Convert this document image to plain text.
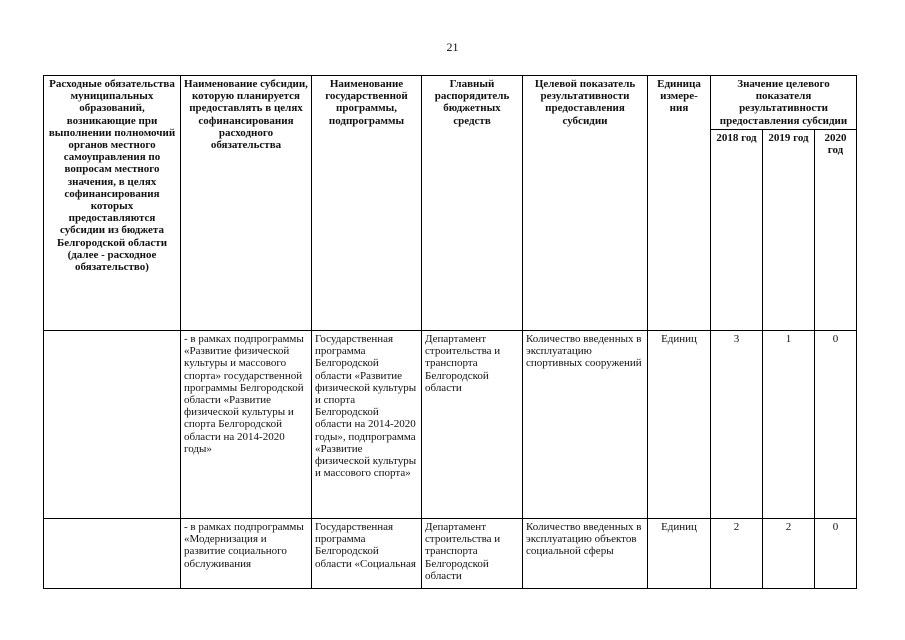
21
Расходные обязательства муниципальных образований, возникающие при выполнении полномочий органов местного самоуправления по вопросам местного значения, в целях софинансирования которых предоставляются субсидии из бюджета Белгородской области (далее - расходное обязательство)	Наименование субсидии, которую планируется предоставлять в целях софинансирования расходного обязательства	Наименование государственной программы, подпрограммы	Главный распорядитель бюджетных средств	Целевой показатель результативности предоставления субсидии	Единица измере-ния	Значение целевого показателя результативности предоставления субсидии		
						2018 год	2019 год	2020 год
	- в рамках подпрограммы «Развитие физической культуры и массового спорта» государственной программы Белгородской области «Развитие физической культуры и спорта Белгородской области на 2014-2020 годы»	Государственная программа Белгородской области «Развитие физической культуры и спорта Белгородской области на 2014-2020 годы», подпрограмма «Развитие физической культуры и массового спорта»	Департамент строительства и транспорта Белгородской области	Количество введенных в эксплуатацию спортивных сооружений	Единиц	3	1	0
	- в рамках подпрограммы «Модернизация и развитие социального обслуживания	Государственная программа Белгородской области «Социальная	Департамент строительства и транспорта Белгородской области	Количество введенных в эксплуатацию объектов социальной сферы	Единиц	2	2	0
